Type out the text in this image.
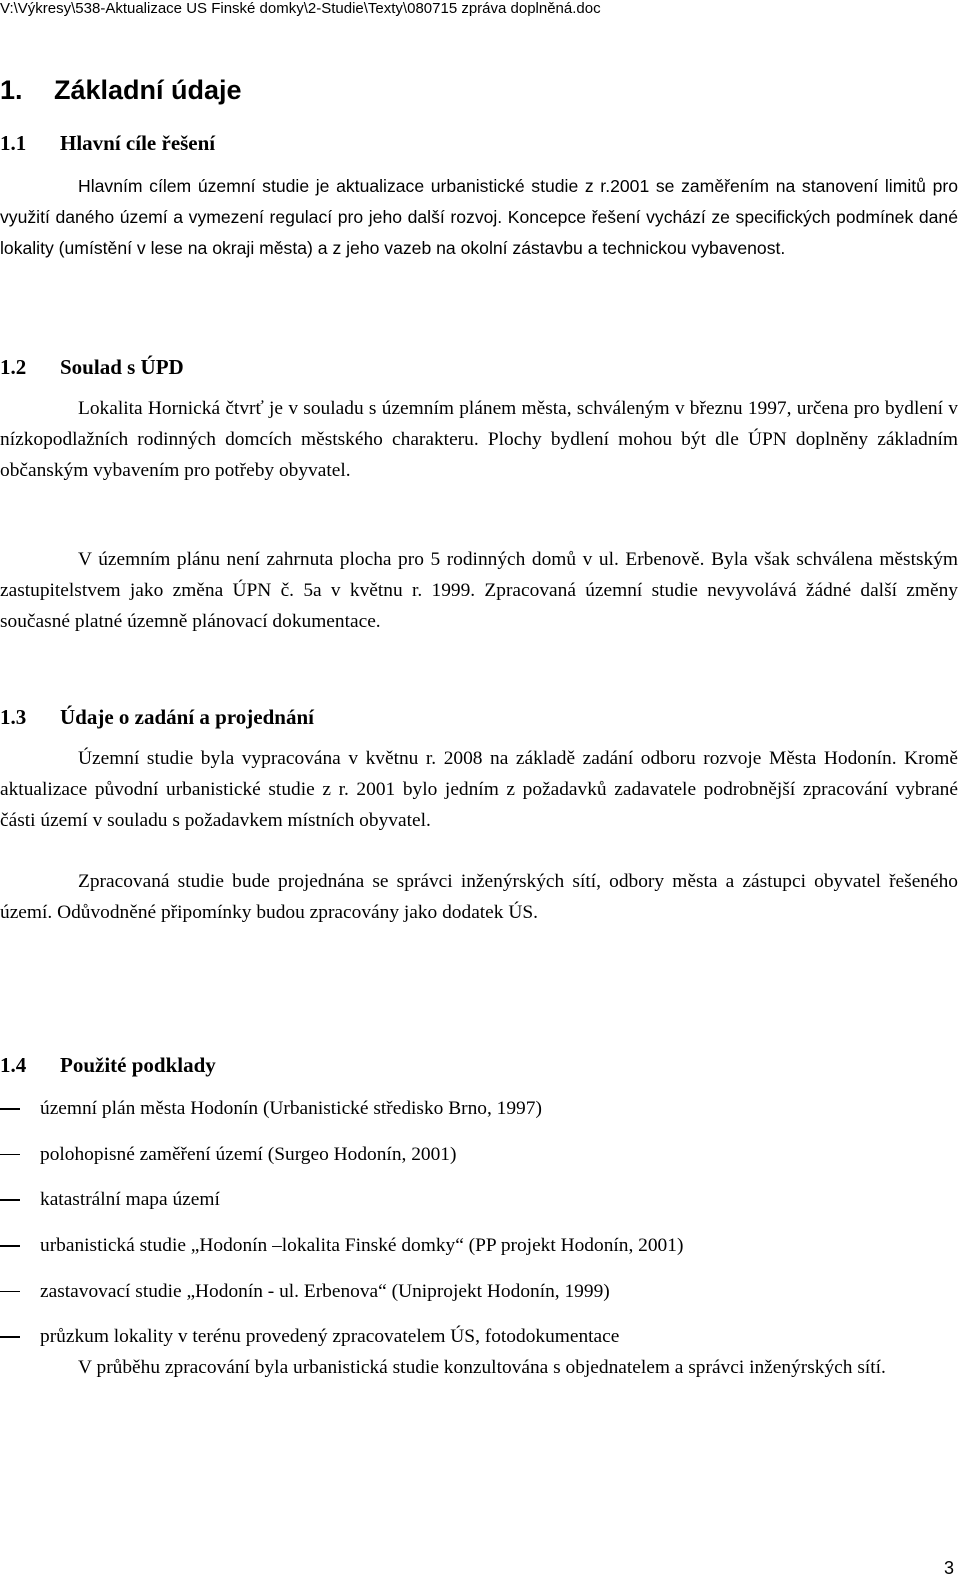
V:\Výkresy\538-Aktualizace US Finské domky\2-Studie\Texty\080715 zpráva doplněná.doc
1. Základní údaje
1.1 Hlavní cíle řešení
Hlavním cílem územní studie je aktualizace urbanistické studie z r.2001 se zaměřením na stanovení limitů pro využití daného území a vymezení regulací pro jeho další rozvoj. Koncepce řešení vychází ze specifických podmínek dané lokality (umístění v lese na okraji města) a z jeho vazeb na okolní zástavbu a technickou vybavenost.
1.2 Soulad s ÚPD
Lokalita Hornická čtvrť je v souladu s územním plánem města, schváleným v březnu 1997, určena pro bydlení v nízkopodlažních rodinných domcích městského charakteru. Plochy bydlení mohou být dle ÚPN doplněny základním občanským vybavením pro potřeby obyvatel.
V územním plánu není zahrnuta plocha pro 5 rodinných domů v ul. Erbenově. Byla však schválena městským zastupitelstvem jako změna ÚPN č. 5a v květnu r. 1999. Zpracovaná územní studie nevyvolává žádné další změny současné platné územně plánovací dokumentace.
1.3 Údaje o zadání a projednání
Územní studie byla vypracována v květnu r. 2008 na základě zadání odboru rozvoje Města Hodonín. Kromě aktualizace původní urbanistické studie z r. 2001 bylo jedním z požadavků zadavatele podrobnější zpracování vybrané části území v souladu s požadavkem místních obyvatel.
Zpracovaná studie bude projednána se správci inženýrských sítí, odbory města a zástupci obyvatel řešeného území. Odůvodněné připomínky budou zpracovány jako dodatek ÚS.
1.4 Použité podklady
územní plán města Hodonín (Urbanistické středisko Brno, 1997)
polohopisné zaměření území (Surgeo Hodonín, 2001)
katastrální mapa území
urbanistická studie „Hodonín –lokalita Finské domky“ (PP projekt Hodonín, 2001)
zastavovací studie „Hodonín - ul. Erbenova“ (Uniprojekt Hodonín, 1999)
průzkum lokality v terénu provedený zpracovatelem ÚS, fotodokumentace
V průběhu zpracování byla urbanistická studie konzultována s objednatelem a správci inženýrských sítí.
3
